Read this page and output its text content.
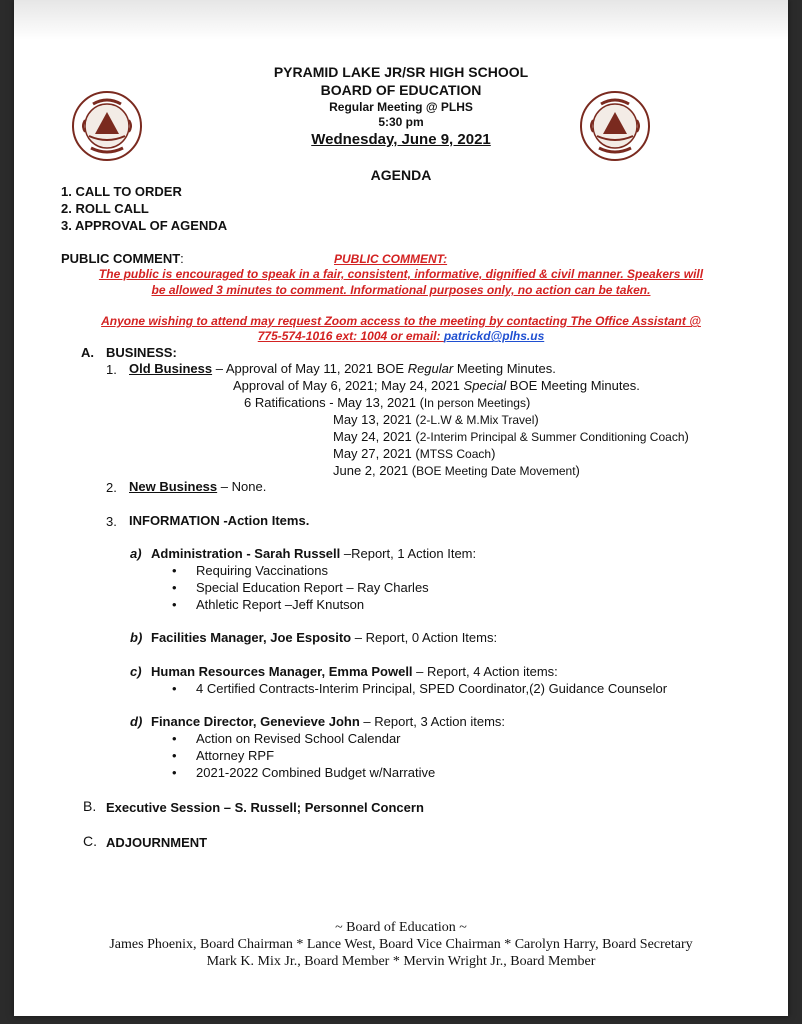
PYRAMID LAKE JR/SR HIGH SCHOOL
BOARD OF EDUCATION
Regular Meeting @ PLHS
5:30 pm
Wednesday, June 9, 2021
AGENDA
1. CALL TO ORDER
2. ROLL CALL
3. APPROVAL OF AGENDA
PUBLIC COMMENT:	PUBLIC COMMENT:
The public is encouraged to speak in a fair, consistent, informative, dignified & civil manner. Speakers will
be allowed 3 minutes to comment. Informational purposes only, no action can be taken.
Anyone wishing to attend may request Zoom access to the meeting by contacting The Office Assistant @
775-574-1016 ext: 1004 or email: patrickd@plhs.us
A. BUSINESS:
1. Old Business – Approval of May 11, 2021 BOE Regular Meeting Minutes.
Approval of May 6, 2021; May 24, 2021 Special BOE Meeting Minutes.
6 Ratifications - May 13, 2021 (In person Meetings)
May 13, 2021 (2-L.W & M.Mix Travel)
May 24, 2021 (2-Interim Principal & Summer Conditioning Coach)
May 27, 2021 (MTSS Coach)
June 2, 2021 (BOE Meeting Date Movement)
2. New Business – None.
3. INFORMATION -Action Items.
a) Administration - Sarah Russell –Report, 1 Action Item:
• Requiring Vaccinations
• Special Education Report – Ray Charles
• Athletic Report –Jeff Knutson
b) Facilities Manager, Joe Esposito – Report, 0 Action Items:
c) Human Resources Manager, Emma Powell – Report, 4 Action items:
• 4 Certified Contracts-Interim Principal, SPED Coordinator,(2) Guidance Counselor
d) Finance Director, Genevieve John – Report, 3 Action items:
• Action on Revised School Calendar
• Attorney RPF
• 2021-2022 Combined Budget w/Narrative
B. Executive Session – S. Russell; Personnel Concern
C. ADJOURNMENT
~ Board of Education ~
James Phoenix, Board Chairman * Lance West, Board Vice Chairman * Carolyn Harry, Board Secretary
Mark K. Mix Jr., Board Member * Mervin Wright Jr., Board Member
